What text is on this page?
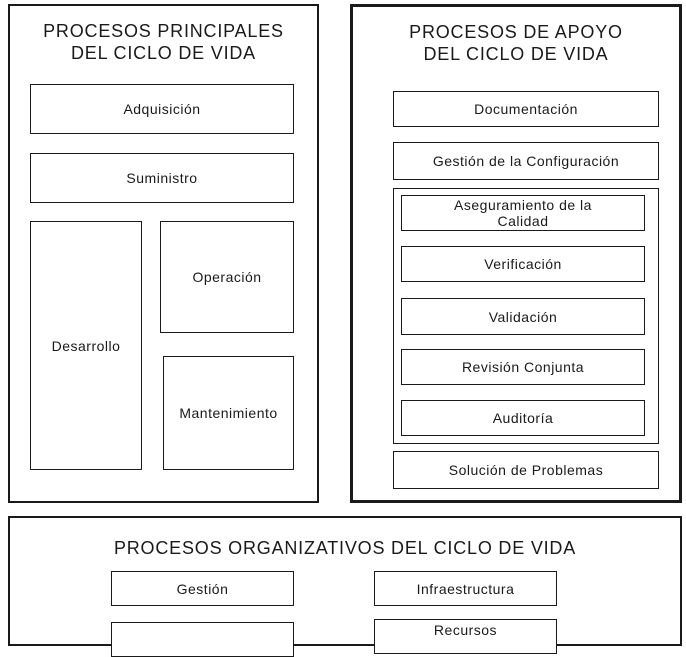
PROCESOS PRINCIPALES
DEL CICLO DE VIDA
Adquisición
Suministro
Desarrollo
Operación
Mantenimiento
PROCESOS DE APOYO
DEL CICLO DE VIDA
Documentación
Gestión de la Configuración
Aseguramiento de la
Calidad
Verificación
Validación
Revisión Conjunta
Auditoría
Solución de Problemas
PROCESOS ORGANIZATIVOS DEL CICLO DE VIDA
Gestión	Infraestructura
Recursos
